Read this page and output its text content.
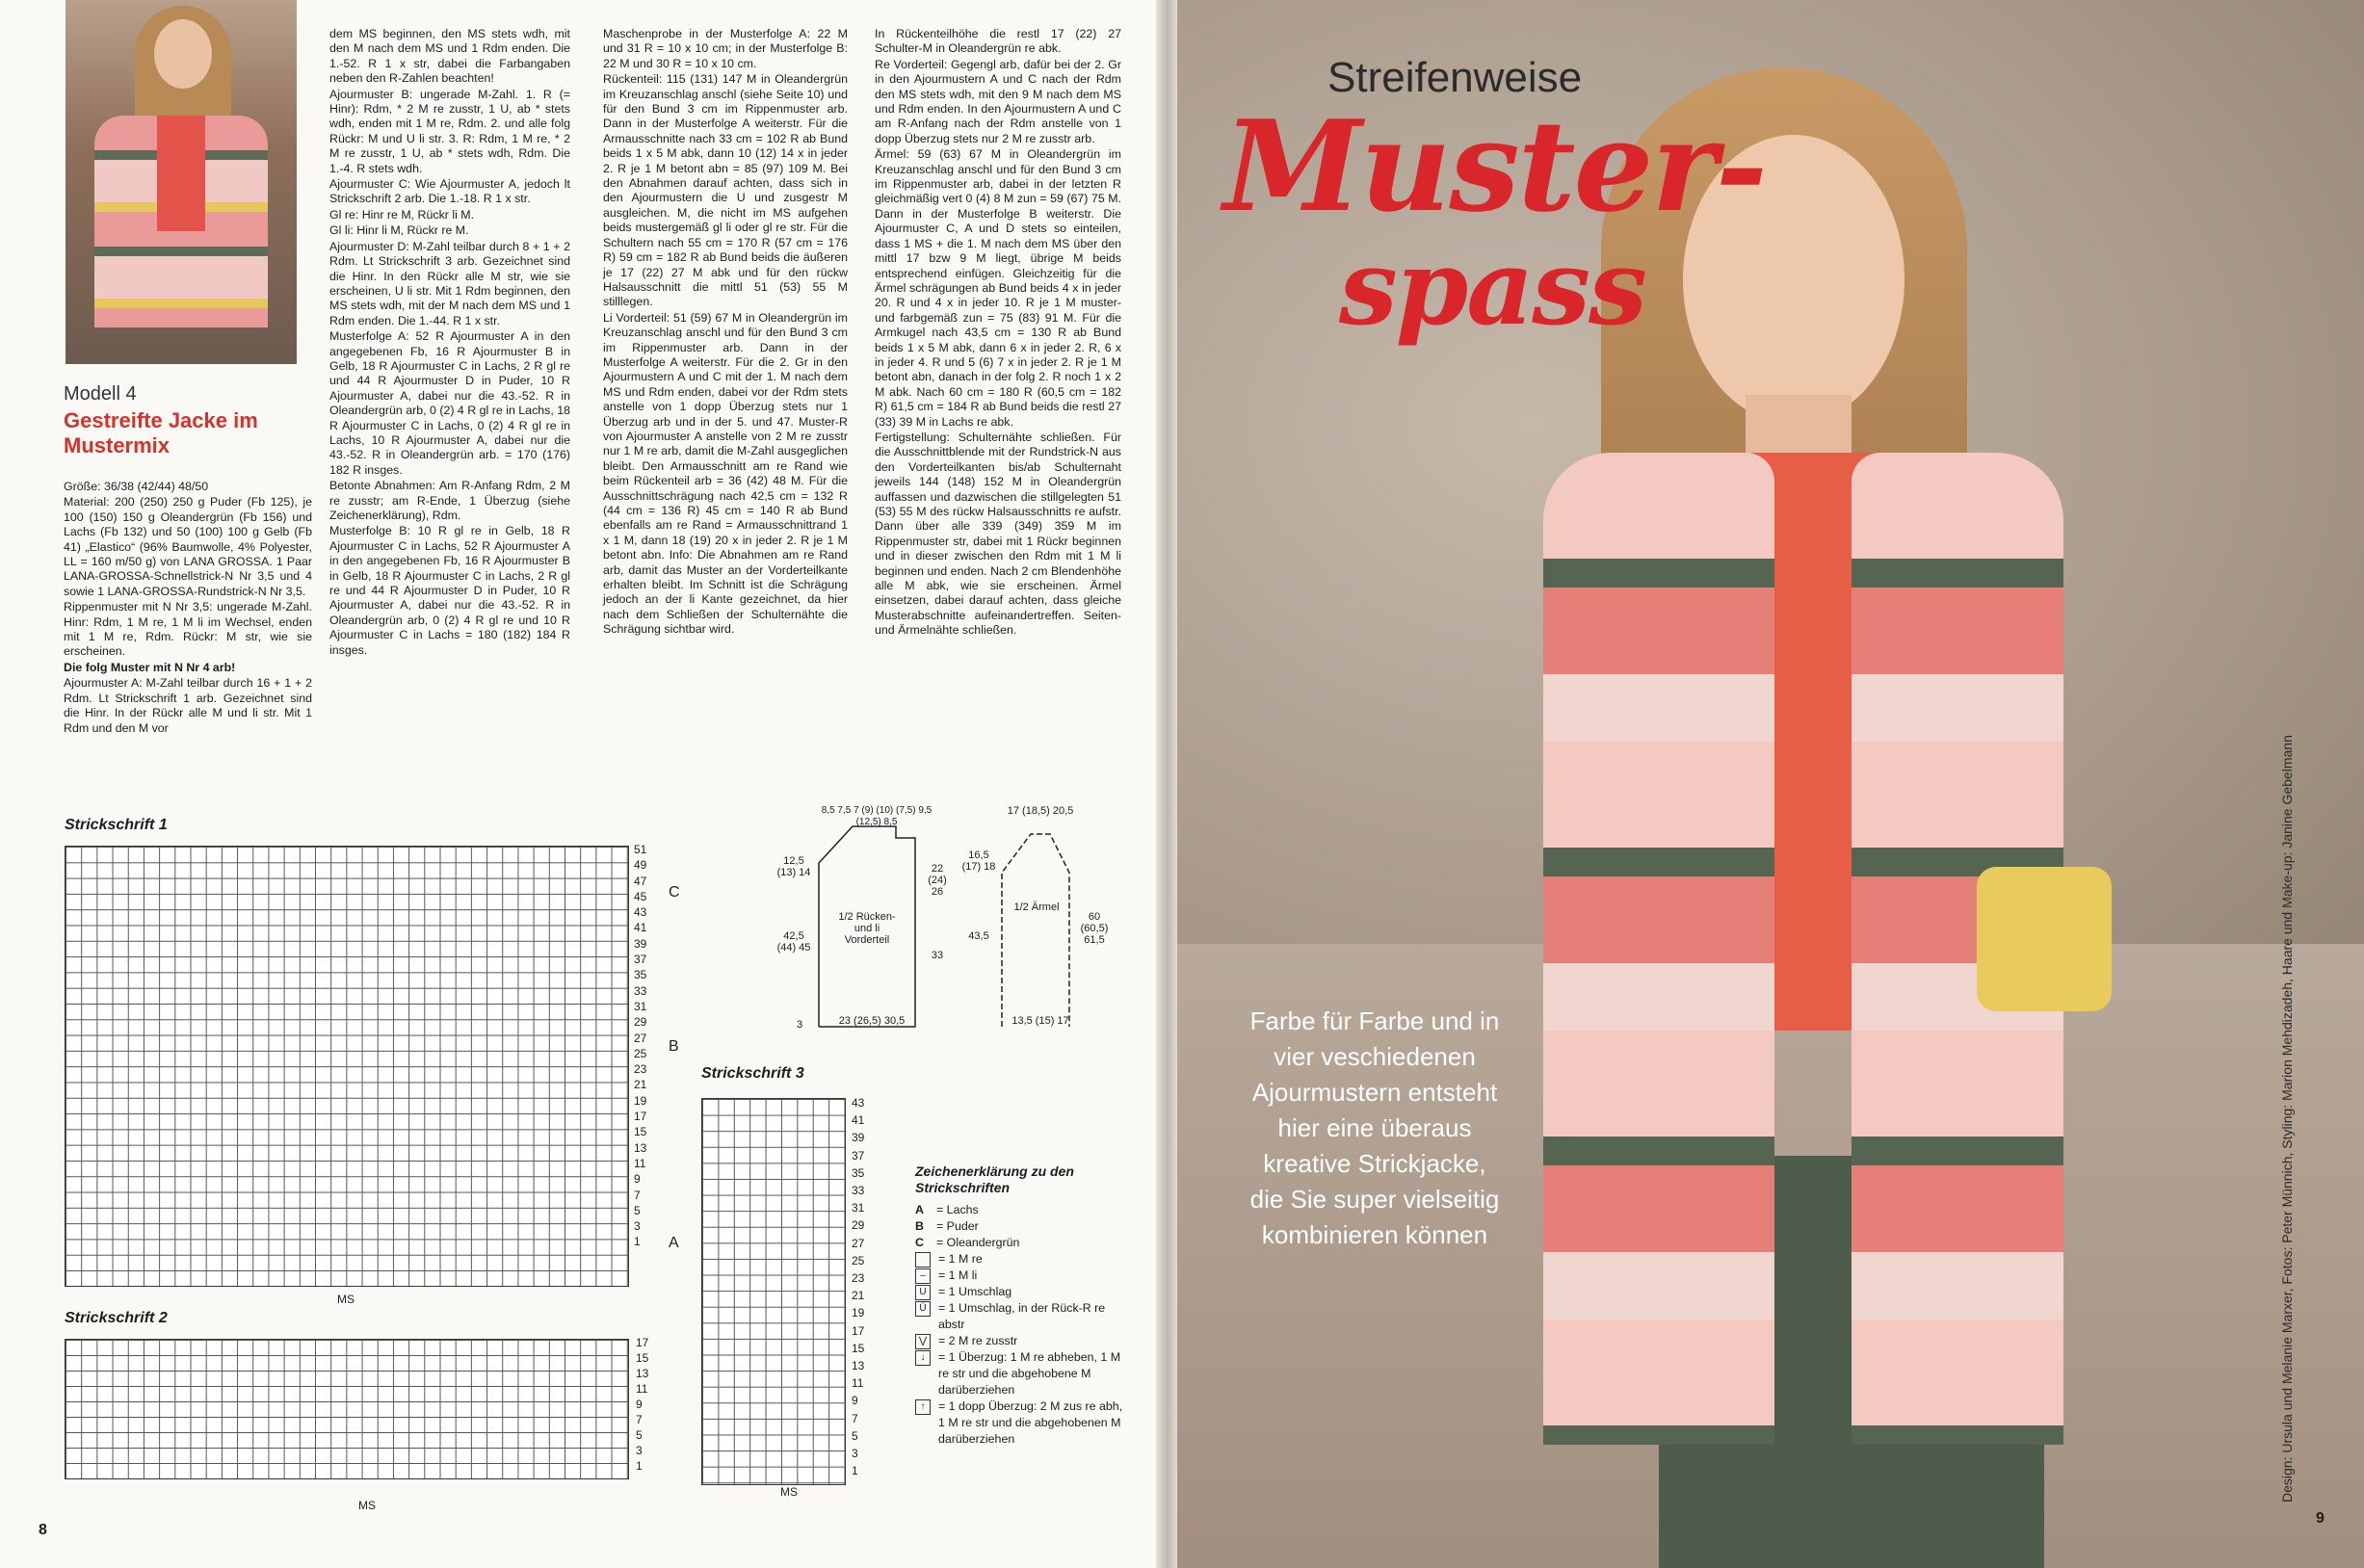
Modell 4
Gestreifte Jacke im Mustermix

Größe: 36/38 (42/44) 48/50

Material: 200 (250) 250 g Puder (Fb 125), je 100 (150) 150 g Oleandergrün (Fb 156) und Lachs (Fb 132) und 50 (100) 100 g Gelb (Fb 41) „Elastico“ (96% Baumwolle, 4% Polyester, LL = 160 m/50 g) von LANA GROSSA. 1 Paar LANA-GROSSA-Schnellstrick-N Nr 3,5 und 4 sowie 1 LANA-GROSSA-Rundstrick-N Nr 3,5.

Rippenmuster mit N Nr 3,5: ungerade M-Zahl. Hinr: Rdm, 1 M re, 1 M li im Wechsel, enden mit 1 M re, Rdm. Rückr: M str, wie sie erscheinen.

Die folg Muster mit N Nr 4 arb!

Ajourmuster A: M-Zahl teilbar durch 16 + 1 + 2 Rdm. Lt Strickschrift 1 arb. Gezeichnet sind die Hinr. In der Rückr alle M und li str. Mit 1 Rdm und den M vor

dem MS beginnen, den MS stets wdh, mit den M nach dem MS und 1 Rdm enden. Die 1.-52. R 1 x str, dabei die Farbangaben neben den R-Zahlen beachten!

Ajourmuster B: ungerade M-Zahl. 1. R (= Hinr): Rdm, * 2 M re zusstr, 1 U, ab * stets wdh, enden mit 1 M re, Rdm. 2. und alle folg Rückr: M und U li str. 3. R: Rdm, 1 M re, * 2 M re zusstr, 1 U, ab * stets wdh, Rdm. Die 1.-4. R stets wdh.

Ajourmuster C: Wie Ajourmuster A, jedoch lt Strickschrift 2 arb. Die 1.-18. R 1 x str.

Gl re: Hinr re M, Rückr li M.

Gl li: Hinr li M, Rückr re M.

Ajourmuster D: M-Zahl teilbar durch 8 + 1 + 2 Rdm. Lt Strickschrift 3 arb. Gezeichnet sind die Hinr. In den Rückr alle M str, wie sie erscheinen, U li str. Mit 1 Rdm beginnen, den MS stets wdh, mit der M nach dem MS und 1 Rdm enden. Die 1.-44. R 1 x str.

Musterfolge A: 52 R Ajourmuster A in den angegebenen Fb, 16 R Ajourmuster B in Gelb, 18 R Ajourmuster C in Lachs, 2 R gl re und 44 R Ajourmuster D in Puder, 10 R Ajourmuster A, dabei nur die 43.-52. R in Oleandergrün arb, 0 (2) 4 R gl re in Lachs, 18 R Ajourmuster C in Lachs, 0 (2) 4 R gl re in Lachs, 10 R Ajourmuster A, dabei nur die 43.-52. R in Oleandergrün arb. = 170 (176) 182 R insges.

Betonte Abnahmen: Am R-Anfang Rdm, 2 M re zusstr; am R-Ende, 1 Überzug (siehe Zeichenerklärung), Rdm.

Musterfolge B: 10 R gl re in Gelb, 18 R Ajourmuster C in Lachs, 52 R Ajourmuster A in den angegebenen Fb, 16 R Ajourmuster B in Gelb, 18 R Ajourmuster C in Lachs, 2 R gl re und 44 R Ajourmuster D in Puder, 10 R Ajourmuster A, dabei nur die 43.-52. R in Oleandergrün arb, 0 (2) 4 R gl re und 10 R Ajourmuster C in Lachs = 180 (182) 184 R insges.

Maschenprobe in der Musterfolge A: 22 M und 31 R = 10 x 10 cm; in der Musterfolge B: 22 M und 30 R = 10 x 10 cm.

Rückenteil: 115 (131) 147 M in Oleandergrün im Kreuzanschlag anschl (siehe Seite 10) und für den Bund 3 cm im Rippenmuster arb. Dann in der Musterfolge A weiterstr. Für die Armausschnitte nach 33 cm = 102 R ab Bund beids 1 x 5 M abk, dann 10 (12) 14 x in jeder 2. R je 1 M betont abn = 85 (97) 109 M. Bei den Abnahmen darauf achten, dass sich in den Ajourmustern die U und zusgestr M ausgleichen. M, die nicht im MS aufgehen beids mustergemäß gl li oder gl re str. Für die Schultern nach 55 cm = 170 R (57 cm = 176 R) 59 cm = 182 R ab Bund beids die äußeren je 17 (22) 27 M abk und für den rückw Halsausschnitt die mittl 51 (53) 55 M stilllegen.

Li Vorderteil: 51 (59) 67 M in Oleandergrün im Kreuzanschlag anschl und für den Bund 3 cm im Rippenmuster arb. Dann in der Musterfolge A weiterstr. Für die 2. Gr in den Ajourmustern A und C mit der 1. M nach dem MS und Rdm enden, dabei vor der Rdm stets anstelle von 1 dopp Überzug stets nur 1 Überzug arb und in der 5. und 47. Muster-R von Ajourmuster A anstelle von 2 M re zusstr nur 1 M re arb, damit die M-Zahl ausgeglichen bleibt. Den Armausschnitt am re Rand wie beim Rückenteil arb = 36 (42) 48 M. Für die Ausschnittschrägung nach 42,5 cm = 132 R (44 cm = 136 R) 45 cm = 140 R ab Bund ebenfalls am re Rand = Armausschnittrand 1 x 1 M, dann 18 (19) 20 x in jeder 2. R je 1 M betont abn. Info: Die Abnahmen am re Rand arb, damit das Muster an der Vorderteilkante erhalten bleibt. Im Schnitt ist die Schrägung jedoch an der li Kante gezeichnet, da hier nach dem Schließen der Schulternähte die Schrägung sichtbar wird.

In Rückenteilhöhe die restl 17 (22) 27 Schulter-M in Oleandergrün re abk.

Re Vorderteil: Gegengl arb, dafür bei der 2. Gr in den Ajourmustern A und C nach der Rdm den MS stets wdh, mit den 9 M nach dem MS und Rdm enden. In den Ajourmustern A und C am R-Anfang nach der Rdm anstelle von 1 dopp Überzug stets nur 2 M re zusstr arb.

Ärmel: 59 (63) 67 M in Oleandergrün im Kreuzanschlag anschl und für den Bund 3 cm im Rippenmuster arb, dabei in der letzten R gleichmäßig vert 0 (4) 8 M zun = 59 (67) 75 M. Dann in der Musterfolge B weiterstr. Die Ajourmuster C, A und D stets so einteilen, dass 1 MS + die 1. M nach dem MS über den mittl 17 bzw 9 M liegt, übrige M beids entsprechend einfügen. Gleichzeitig für die Ärmel schrägungen ab Bund beids 4 x in jeder 20. R und 4 x in jeder 10. R je 1 M muster- und farbgemäß zun = 75 (83) 91 M. Für die Armkugel nach 43,5 cm = 130 R ab Bund beids 1 x 5 M abk, dann 6 x in jeder 2. R, 6 x in jeder 4. R und 5 (6) 7 x in jeder 2. R je 1 M betont abn, danach in der folg 2. R noch 1 x 2 M abk. Nach 60 cm = 180 R (60,5 cm = 182 R) 61,5 cm = 184 R ab Bund beids die restl 27 (33) 39 M in Lachs re abk.

Fertigstellung: Schulternähte schließen. Für die Ausschnittblende mit der Rundstrick-N aus den Vorderteilkanten bis/ab Schulternaht jeweils 144 (148) 152 M in Oleandergrün auffassen und dazwischen die stillgelegten 51 (53) 55 M des rückw Halsausschnitts re aufstr. Dann über alle 339 (349) 359 M im Rippenmuster str, dabei mit 1 Rückr beginnen und in dieser zwischen den Rdm mit 1 M li beginnen und enden. Nach 2 cm Blendenhöhe alle M abk, wie sie erscheinen. Ärmel einsetzen, dabei darauf achten, dass gleiche Musterabschnitte aufeinandertreffen. Seiten- und Ärmelnähte schließen.

1/2 Rücken- und li Vorderteil
1/2 Ärmel
8,5 7,5 7 (9) (10) (7,5) 9,5 (12,5) 8,5
23 (26,5) 30,5
17 (18,5) 20,5
13,5 (15) 17
12,5 (13) 14
42,5 (44) 45
22 (24) 26
33
16,5 (17) 18
43,5
60 (60,5) 61,5
3
Strickschrift 1
51
49
47
45
43
41
39
37
35
33
31
29
27
25
23
21
19
17
15
13
11
9
7
5
3
1
C
B
A
MS
Strickschrift 2
17
15
13
11
9
7
5
3
1
MS
Strickschrift 3
43
41
39
37
35
33
31
29
27
25
23
21
19
17
15
13
11
9
7
5
3
1
MS
Zeichenerklärung zu den Strickschriften
A	= Lachs
B	= Puder
C	= Oleandergrün
= 1 M re
–	= 1 M li
U = 1 Umschlag
Ü = 1 Umschlag, in der Rück-R re abstr
⋁ = 2 M re zusstr
↓	= 1 Überzug: 1 M re abheben, 1 M re str und die abgehobene M darüberziehen
↑	= 1 dopp Überzug: 2 M zus re abh, 1 M re str und die abgehobenen M darüberziehen
8
Streifenweise
Muster-
spass
Farbe für Farbe und in vier veschiedenen Ajourmustern entsteht hier eine überaus kreative Strickjacke, die Sie super vielseitig kombinieren können	Design: Ursula und Melanie Marxer, Fotos: Peter Münnich, Styling: Marion Mehdizadeh, Haare und Make-up: Janine Gebelmann
9
